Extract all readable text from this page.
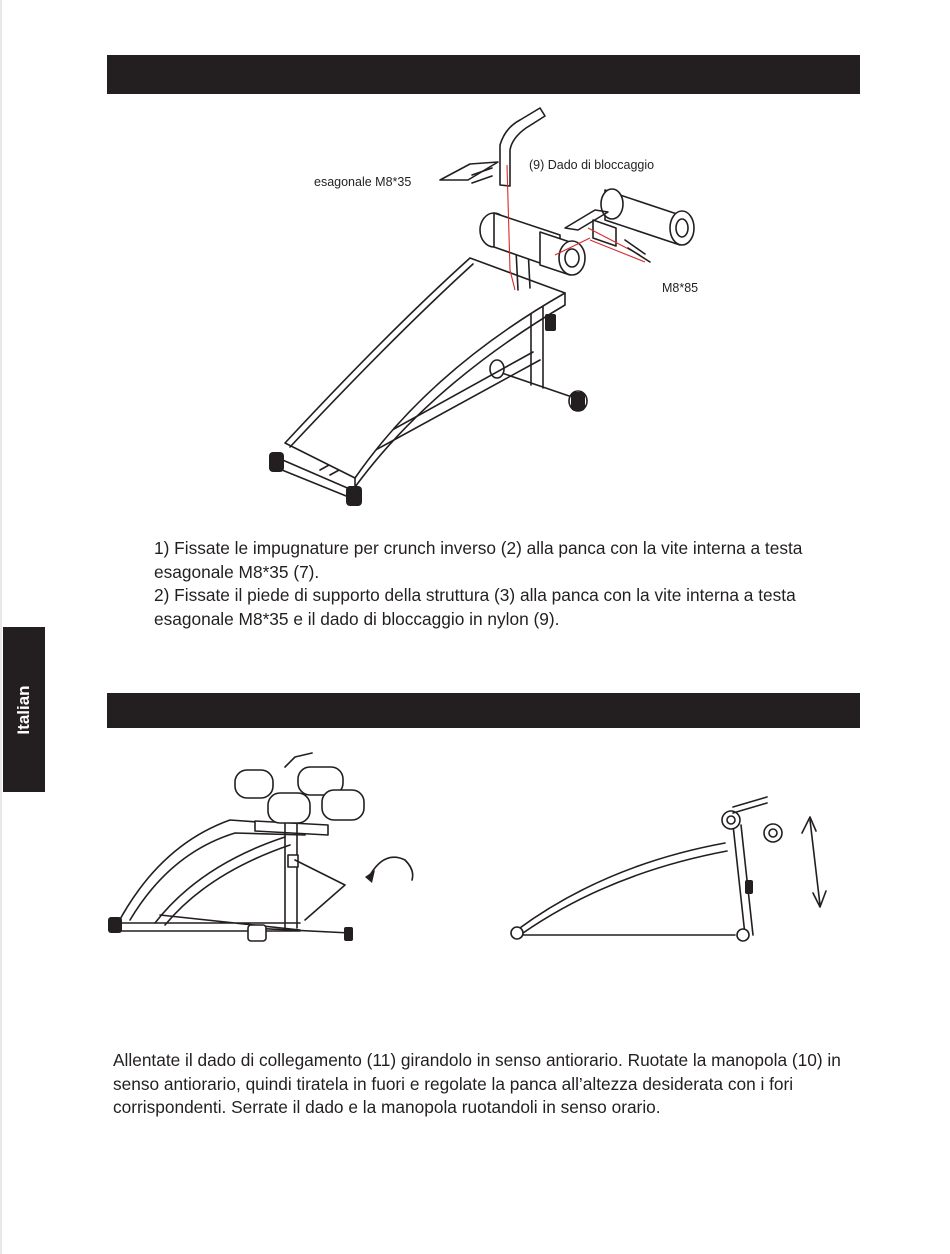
(9) Dado di bloccaggio
esagonale M8*35
M8*85
1) Fissate le impugnature per crunch inverso (2) alla panca con la vite interna a testa esagonale M8*35 (7).
2) Fissate il piede di supporto della struttura (3) alla panca con la vite interna a testa esagonale M8*35 e il dado di bloccaggio in nylon (9).
Italian
Allentate il dado di collegamento (11) girandolo in senso antiorario. Ruotate la manopola (10) in senso antiorario, quindi tiratela in fuori e regolate la panca all’altezza desiderata con i fori corrispondenti. Serrate il dado e la manopola ruotandoli in senso orario.
